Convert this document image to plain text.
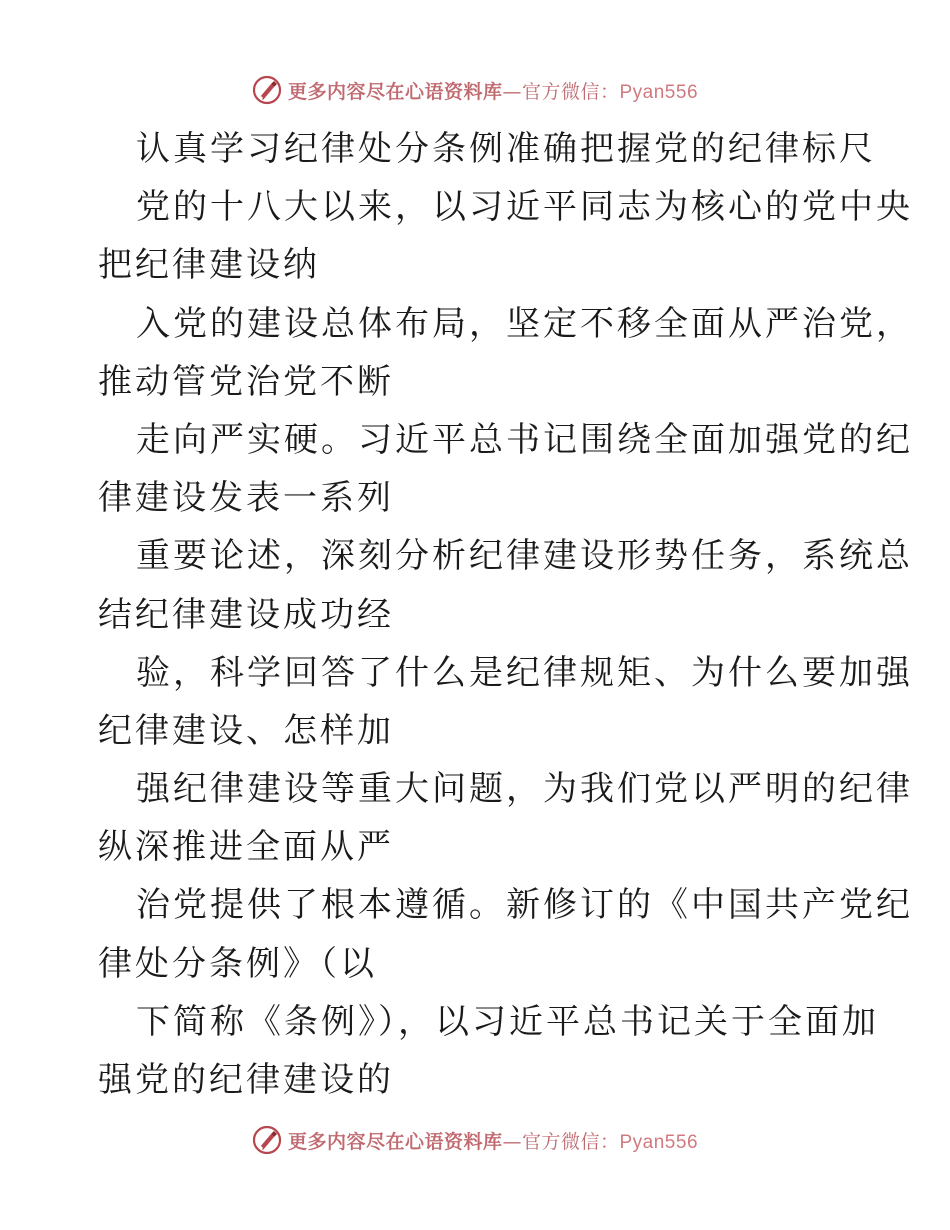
更多内容尽在心语资料库—官方微信：Pyan556
认真学习纪律处分条例准确把握党的纪律标尺
党的十八大以来，以习近平同志为核心的党中央
把纪律建设纳
入党的建设总体布局，坚定不移全面从严治党，
推动管党治党不断
走向严实硬。习近平总书记围绕全面加强党的纪
律建设发表一系列
重要论述，深刻分析纪律建设形势任务，系统总
结纪律建设成功经
验，科学回答了什么是纪律规矩、为什么要加强
纪律建设、怎样加
强纪律建设等重大问题，为我们党以严明的纪律
纵深推进全面从严
治党提供了根本遵循。新修订的《中国共产党纪
律处分条例》（以
下简称《条例》），以习近平总书记关于全面加
强党的纪律建设的
更多内容尽在心语资料库—官方微信：Pyan556
